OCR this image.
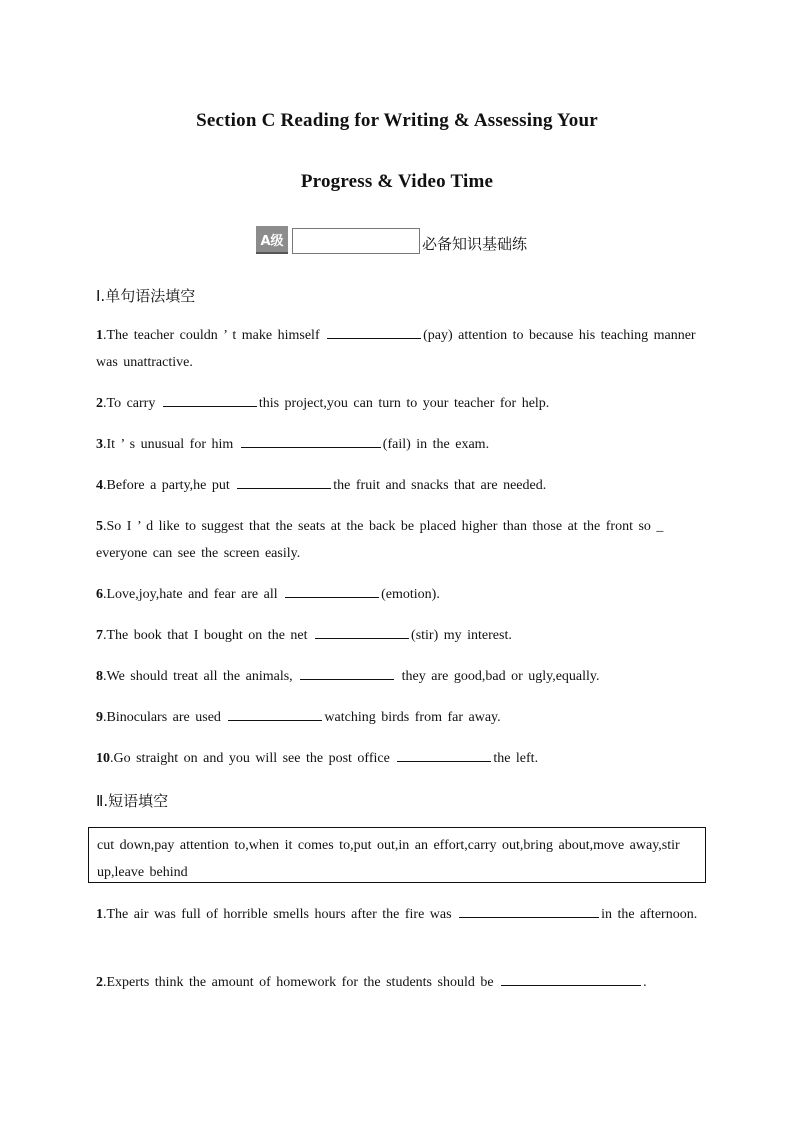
Section C Reading for Writing & Assessing Your
Progress & Video Time
A级	必备知识基础练
Ⅰ.单句语法填空
1.The teacher couldn ’ t make himself	(pay) attention to because his teaching manner was unattractive.
2.To carry	this project,you can turn to your teacher for help.
3.It ’ s unusual for him	(fail) in the exam.
4.Before a party,he put	the fruit and snacks that are needed.
5.So I ’ d like to suggest that the seats at the back be placed higher than those at the front so _ everyone can see the screen easily.
6.Love,joy,hate and fear are all	(emotion).
7.The book that I bought on the net	(stir) my interest.
8.We should treat all the animals,	they are good,bad or ugly,equally.
9.Binoculars are used	watching birds from far away.
10.Go straight on and you will see the post office	the left.
Ⅱ.短语填空
cut down,pay attention to,when it comes to,put out,in an effort,carry out,bring about,move away,stir up,leave behind
1.The air was full of horrible smells hours after the fire was	in the afternoon.
2.Experts think the amount of homework for the students should be	.
